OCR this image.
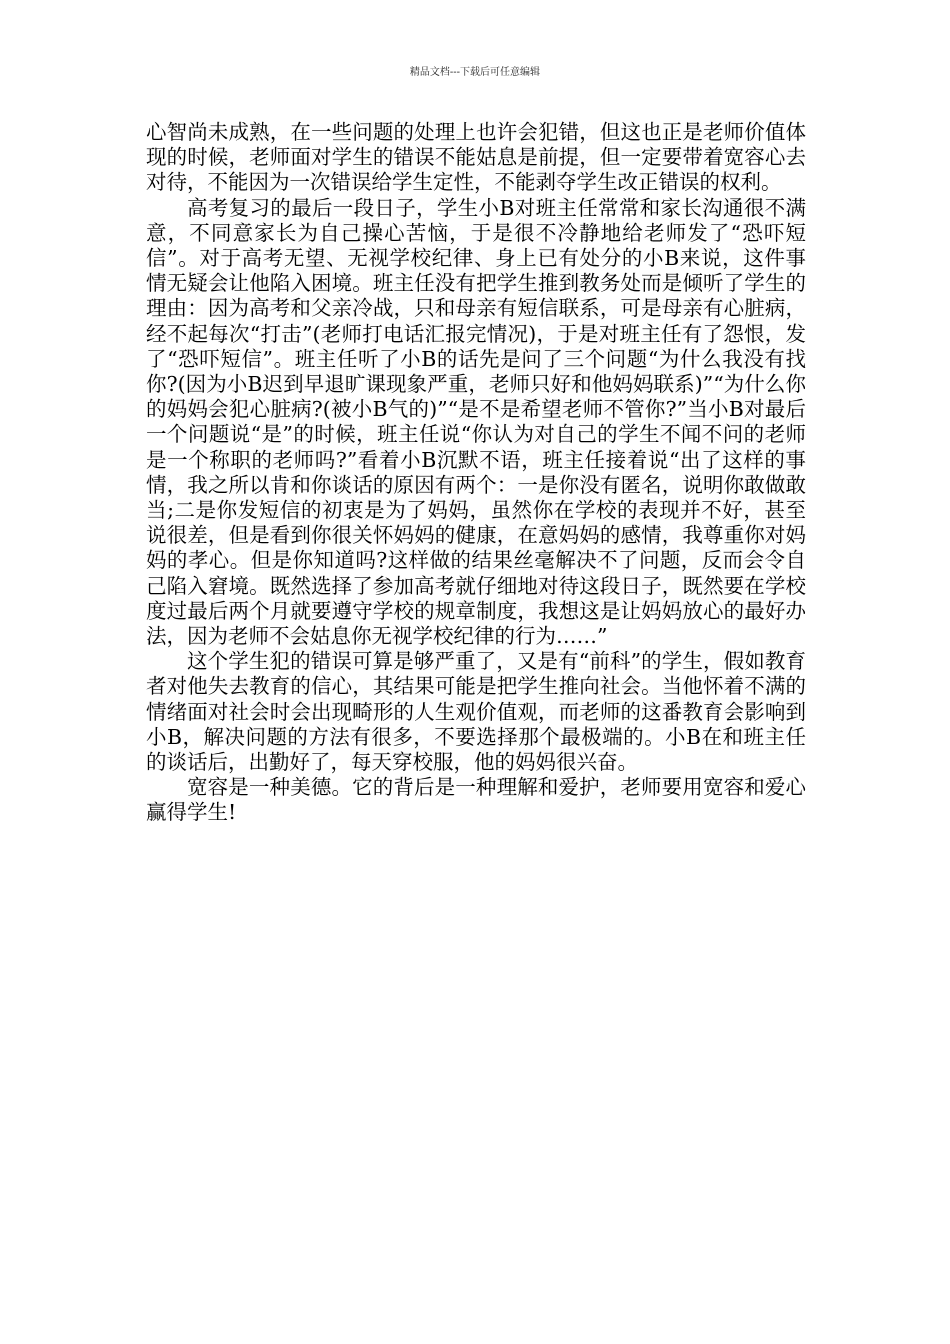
精品文档---下载后可任意编辑

心智尚未成熟，在一些问题的处理上也许会犯错，但这也正是老师价值体现的时候，老师面对学生的错误不能姑息是前提，但一定要带着宽容心去对待，不能因为一次错误给学生定性，不能剥夺学生改正错误的权利。

高考复习的最后一段日子，学生小B对班主任常常和家长沟通很不满意，不同意家长为自己操心苦恼，于是很不冷静地给老师发了“恐吓短信”。对于高考无望、无视学校纪律、身上已有处分的小B来说，这件事情无疑会让他陷入困境。班主任没有把学生推到教务处而是倾听了学生的理由：因为高考和父亲冷战，只和母亲有短信联系，可是母亲有心脏病，经不起每次“打击”(老师打电话汇报完情况)，于是对班主任有了怨恨，发了“恐吓短信”。班主任听了小B的话先是问了三个问题“为什么我没有找你?(因为小B迟到早退旷课现象严重，老师只好和他妈妈联系)”“为什么你的妈妈会犯心脏病?(被小B气的)”“是不是希望老师不管你?”当小B对最后一个问题说“是”的时候，班主任说“你认为对自己的学生不闻不问的老师是一个称职的老师吗?”看着小B沉默不语，班主任接着说“出了这样的事情，我之所以肯和你谈话的原因有两个：一是你没有匿名，说明你敢做敢当;二是你发短信的初衷是为了妈妈，虽然你在学校的表现并不好，甚至说很差，但是看到你很关怀妈妈的健康，在意妈妈的感情，我尊重你对妈妈的孝心。但是你知道吗?这样做的结果丝毫解决不了问题，反而会令自己陷入窘境。既然选择了参加高考就仔细地对待这段日子，既然要在学校度过最后两个月就要遵守学校的规章制度，我想这是让妈妈放心的最好办法，因为老师不会姑息你无视学校纪律的行为……”

这个学生犯的错误可算是够严重了，又是有“前科”的学生，假如教育者对他失去教育的信心，其结果可能是把学生推向社会。当他怀着不满的情绪面对社会时会出现畸形的人生观价值观，而老师的这番教育会影响到小B，解决问题的方法有很多，不要选择那个最极端的。小B在和班主任的谈话后，出勤好了，每天穿校服，他的妈妈很兴奋。

宽容是一种美德。它的背后是一种理解和爱护，老师要用宽容和爱心赢得学生!
